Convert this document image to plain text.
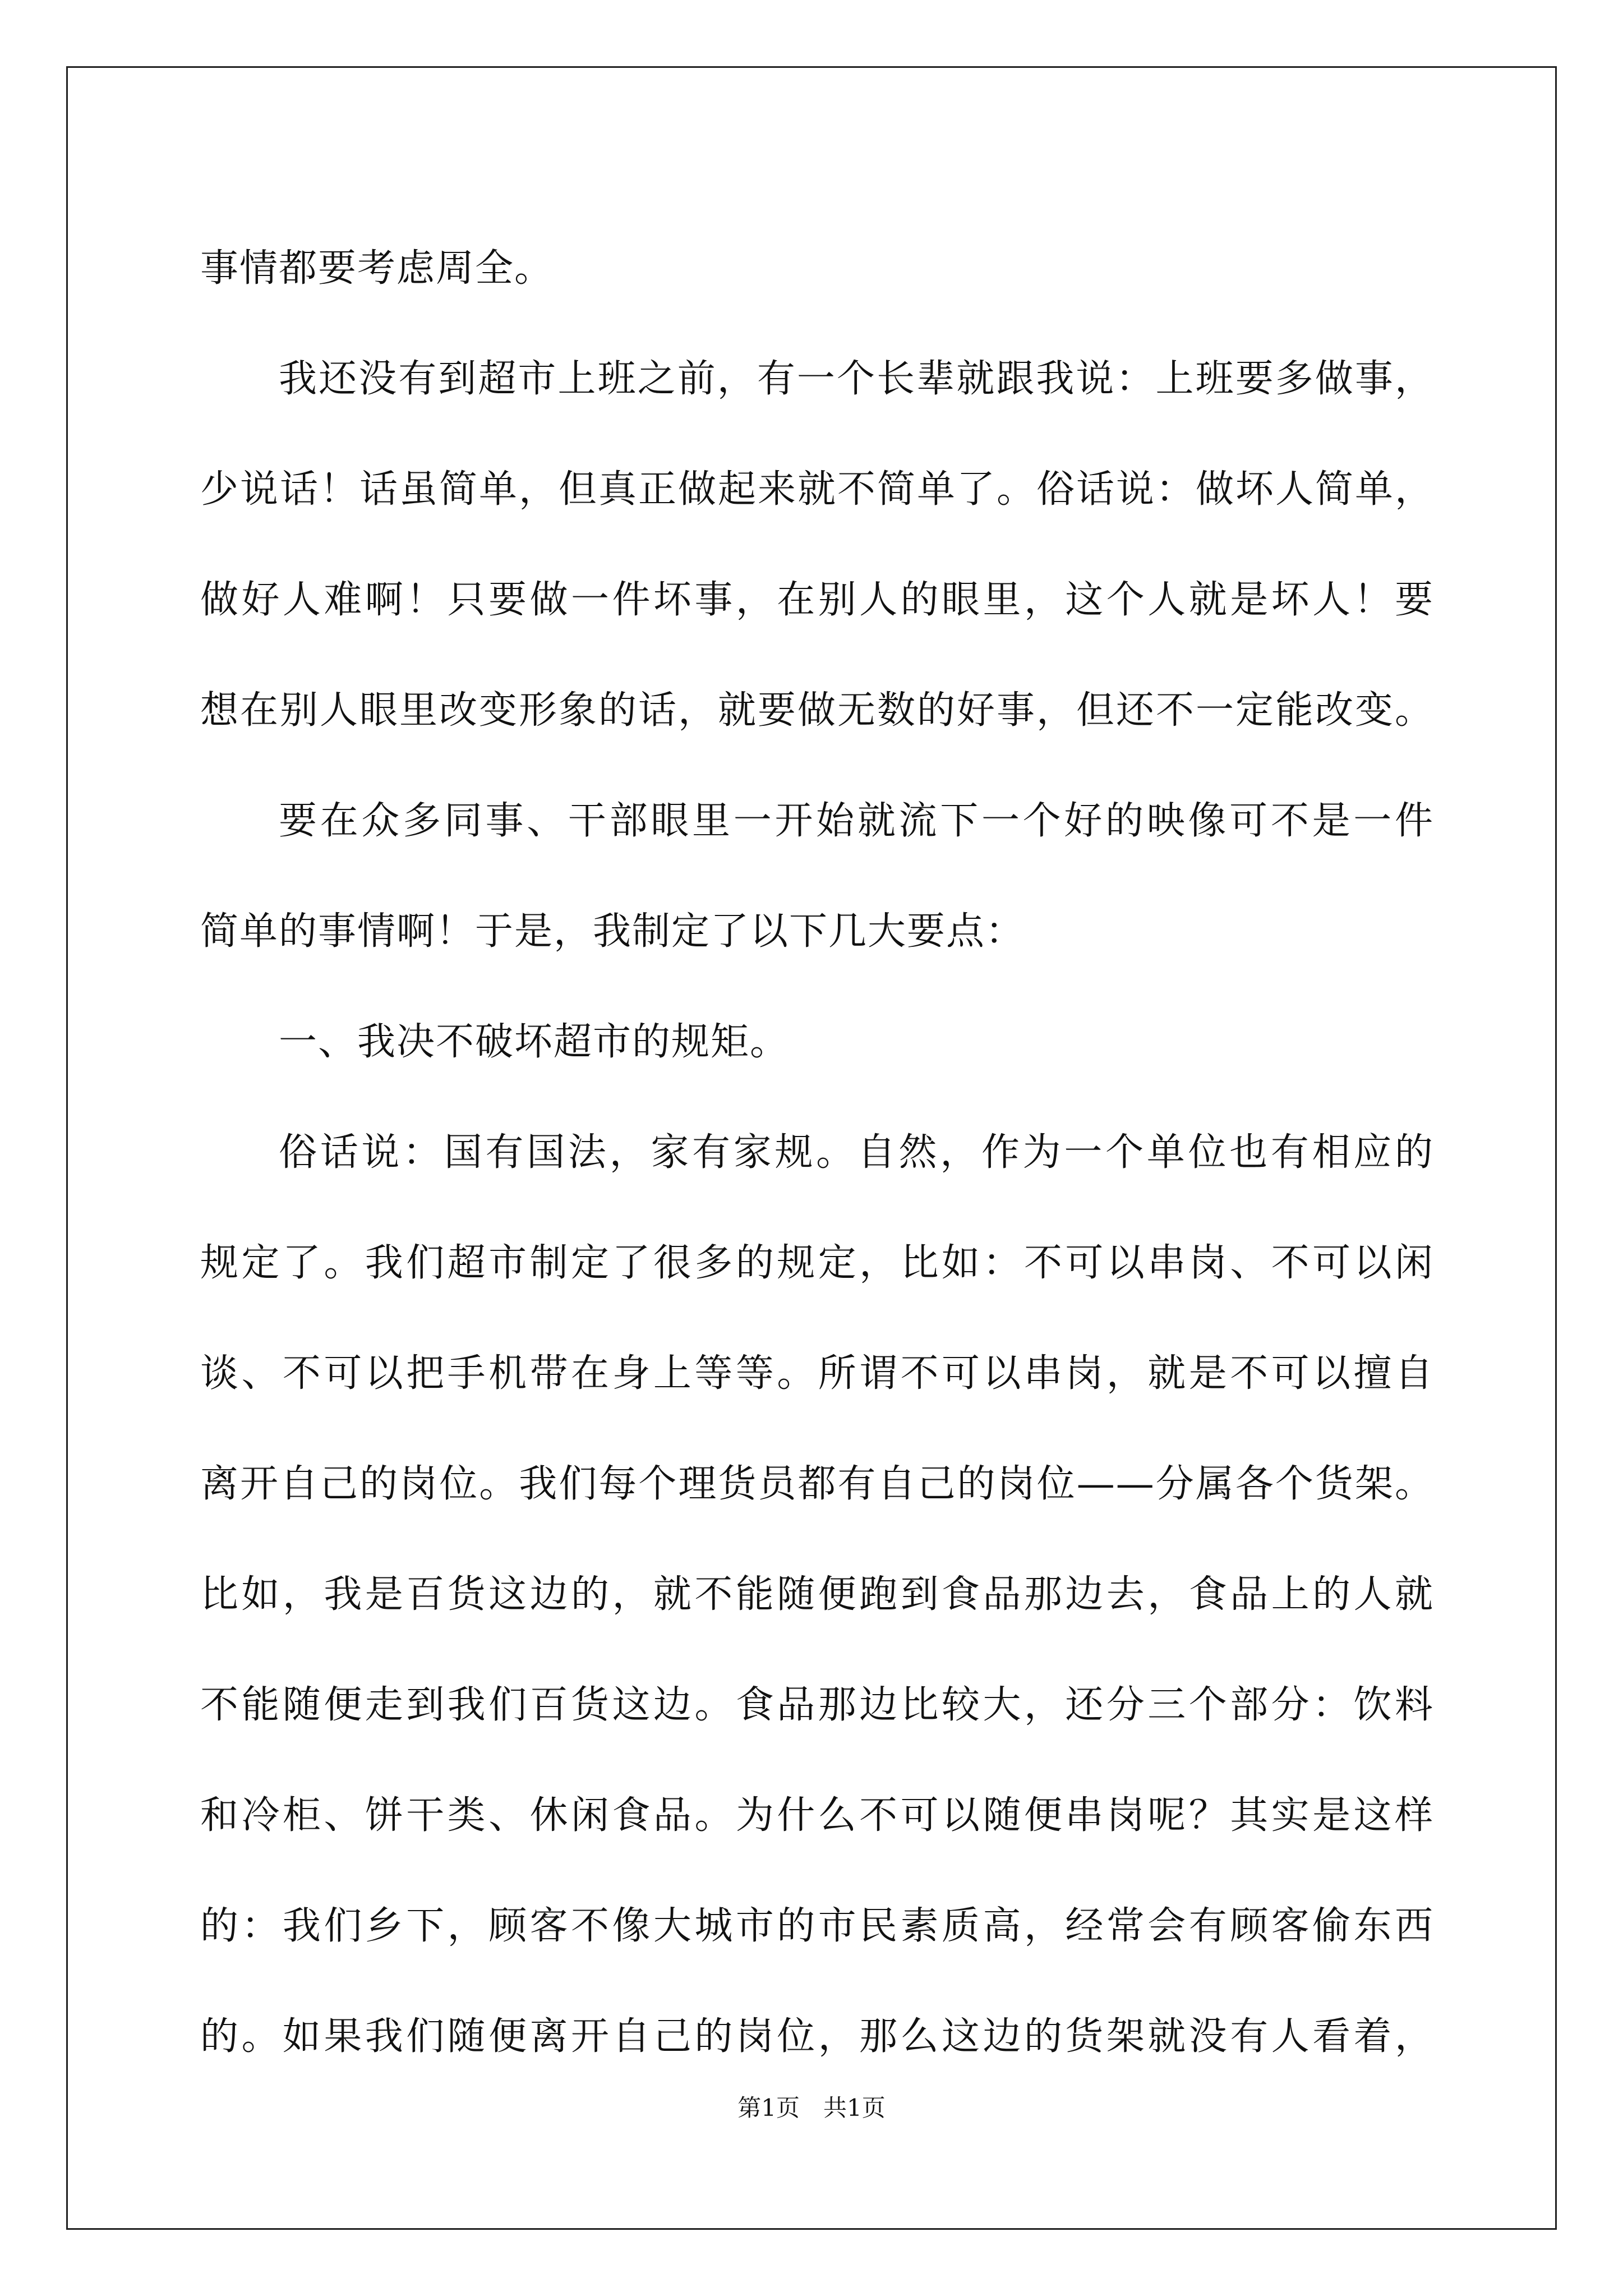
事情都要考虑周全。
我还没有到超市上班之前，有一个长辈就跟我说：上班要多做事，
少说话！话虽简单，但真正做起来就不简单了。俗话说：做坏人简单，
做好人难啊！只要做一件坏事，在别人的眼里，这个人就是坏人！要
想在别人眼里改变形象的话，就要做无数的好事，但还不一定能改变。
要在众多同事、干部眼里一开始就流下一个好的映像可不是一件
简单的事情啊！于是，我制定了以下几大要点：
一、我决不破坏超市的规矩。
俗话说：国有国法，家有家规。自然，作为一个单位也有相应的
规定了。我们超市制定了很多的规定，比如：不可以串岗、不可以闲
谈、不可以把手机带在身上等等。所谓不可以串岗，就是不可以擅自
离开自己的岗位。我们每个理货员都有自己的岗位——分属各个货架。
比如，我是百货这边的，就不能随便跑到食品那边去，食品上的人就
不能随便走到我们百货这边。食品那边比较大，还分三个部分：饮料
和冷柜、饼干类、休闲食品。为什么不可以随便串岗呢？其实是这样
的：我们乡下，顾客不像大城市的市民素质高，经常会有顾客偷东西
的。如果我们随便离开自己的岗位，那么这边的货架就没有人看着，
第1页　共1页
